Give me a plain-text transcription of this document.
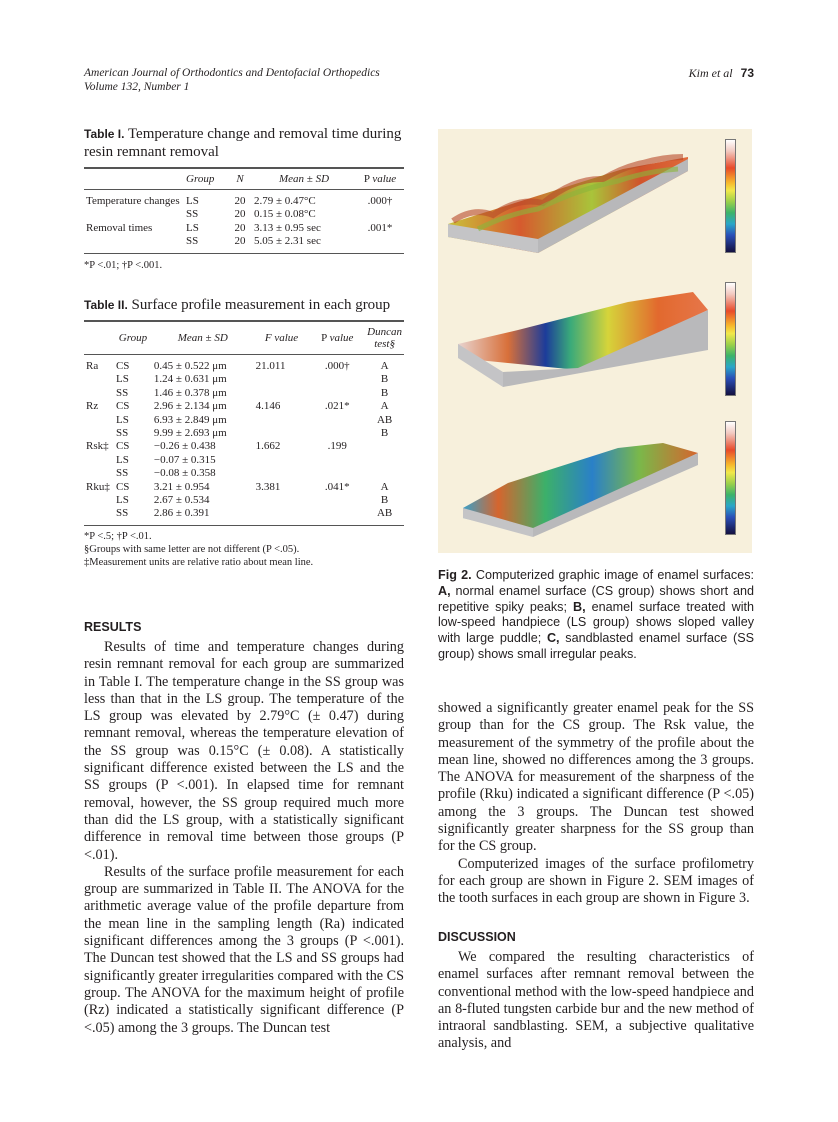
American Journal of Orthodontics and Dentofacial Orthopedics
Volume 132, Number 1
Kim et al 73
Table I. Temperature change and removal time during resin remnant removal
	Group	N	Mean ± SD	P value
Temperature changes	LS	20	2.79 ± 0.47°C	.000†
	SS	20	0.15 ± 0.08°C	
Removal times	LS	20	3.13 ± 0.95 sec	.001*
	SS	20	5.05 ± 2.31 sec	
*P <.01; †P <.001.
Table II. Surface profile measurement in each group
	Group	Mean ± SD	F value	P value	Duncan test§
Ra	CS	0.45 ± 0.522 μm	21.011	.000†	A
	LS	1.24 ± 0.631 μm			B
	SS	1.46 ± 0.378 μm			B
Rz	CS	2.96 ± 2.134 μm	4.146	.021*	A
	LS	6.93 ± 2.849 μm			AB
	SS	9.99 ± 2.693 μm			B
Rsk‡	CS	−0.26 ± 0.438	1.662	.199	
	LS	−0.07 ± 0.315			
	SS	−0.08 ± 0.358			
Rku‡	CS	3.21 ± 0.954	3.381	.041*	A
	LS	2.67 ± 0.534			B
	SS	2.86 ± 0.391			AB
*P <.5; †P <.01.
§Groups with same letter are not different (P <.05).
‡Measurement units are relative ratio about mean line.
RESULTS

Results of time and temperature changes during resin remnant removal for each group are summarized in Table I. The temperature change in the SS group was less than that in the LS group. The temperature of the LS group was elevated by 2.79°C (± 0.47) during remnant removal, whereas the temperature elevation of the SS group was 0.15°C (± 0.08). A statistically significant difference existed between the LS and the SS groups (P <.001). In elapsed time for remnant removal, however, the SS group required much more than did the LS group, with a statistically significant difference in removal time between those groups (P <.01).

Results of the surface profile measurement for each group are summarized in Table II. The ANOVA for the arithmetic average value of the profile departure from the mean line in the sampling length (Ra) indicated significant differences among the 3 groups (P <.001). The Duncan test showed that the LS and SS groups had significantly greater irregularities compared with the CS group. The ANOVA for the maximum height of profile (Rz) indicated a statistically significant difference (P <.05) among the 3 groups. The Duncan test

Fig 2. Computerized graphic image of enamel surfaces: A, normal enamel surface (CS group) shows short and repetitive spiky peaks; B, enamel surface treated with low-speed handpiece (LS group) shows sloped valley with large puddle; C, sandblasted enamel surface (SS group) shows small irregular peaks.

showed a significantly greater enamel peak for the SS group than for the CS group. The Rsk value, the measurement of the symmetry of the profile about the mean line, showed no differences among the 3 groups. The ANOVA for measurement of the sharpness of the profile (Rku) indicated a significant difference (P <.05) among the 3 groups. The Duncan test showed significantly greater sharpness for the SS group than for the CS group.

Computerized images of the surface profilometry for each group are shown in Figure 2. SEM images of the tooth surfaces in each group are shown in Figure 3.

DISCUSSION

We compared the resulting characteristics of enamel surfaces after remnant removal between the conventional method with the low-speed handpiece and an 8-fluted tungsten carbide bur and the new method of intraoral sandblasting. SEM, a subjective qualitative analysis, and
